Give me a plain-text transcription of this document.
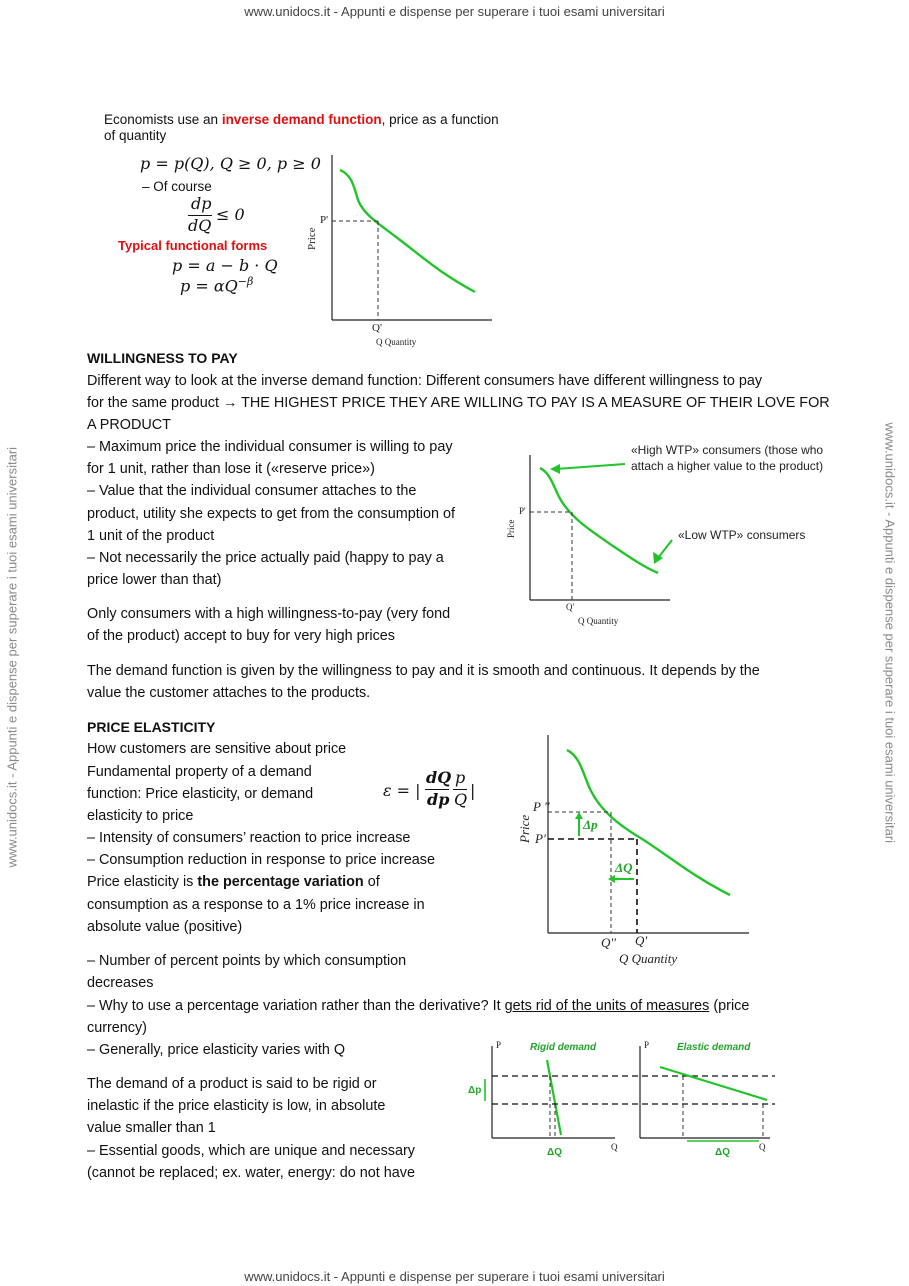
www.unidocs.it - Appunti e dispense per superare i tuoi esami universitari
www.unidocs.it - Appunti e dispense per superare i tuoi esami universitari
www.unidocs.it - Appunti e dispense per superare i tuoi esami universitari	www.unidocs.it - Appunti e dispense per superare i tuoi esami universitari
Economists use an inverse demand function, price as a function
of quantity
p = p(Q), Q ≥ 0, p ≥ 0
– Of course
dp
dQ
≤ 0
Typical functional forms
p = a − b · Q
$p = \alpha Q^{-\beta}$
P'
Q'
Q Quantity
Price
WILLINGNESS TO PAY
Different way to look at the inverse demand function: Different consumers have different willingness to pay
for the same product → THE HIGHEST PRICE THEY ARE WILLING TO PAY IS A MEASURE OF THEIR LOVE FOR
A PRODUCT
– Maximum price the individual consumer is willing to pay
for 1 unit, rather than lose it («reserve price»)
– Value that the individual consumer attaches to the
product, utility she expects to get from the consumption of
1 unit of the product
– Not necessarily the price actually paid (happy to pay a
price lower than that)
Only consumers with a high willingness-to-pay (very fond
of the product) accept to buy for very high prices
The demand function is given by the willingness to pay and it is smooth and continuous. It depends by the
value the customer attaches to the products.
P'
Q'
Q Quantity
Price
«High WTP» consumers (those who
attach a higher value to the product)
«Low WTP» consumers
PRICE ELASTICITY
How customers are sensitive about price
Fundamental property of a demand
function: Price elasticity, or demand
elasticity to price
– Intensity of consumers’ reaction to price increase
– Consumption reduction in response to price increase
Price elasticity is the percentage variation of
consumption as a response to a 1% price increase in
absolute value (positive)
ε = |
dQ
dp
p
Q |
P ''
P'
Δp
ΔQ
Q'' Q'
Q Quantity
Price
– Number of percent points by which consumption
decreases
– Why to use a percentage variation rather than the derivative? It gets rid of the units of measures (price
currency)
– Generally, price elasticity varies with Q
The demand of a product is said to be rigid or
inelastic if the price elasticity is low, in absolute
value smaller than 1
– Essential goods, which are unique and necessary
(cannot be replaced; ex. water, energy: do not have
Rigid demand
Δp
ΔQ
P
Q
Elastic demand
ΔQ
P
Q
